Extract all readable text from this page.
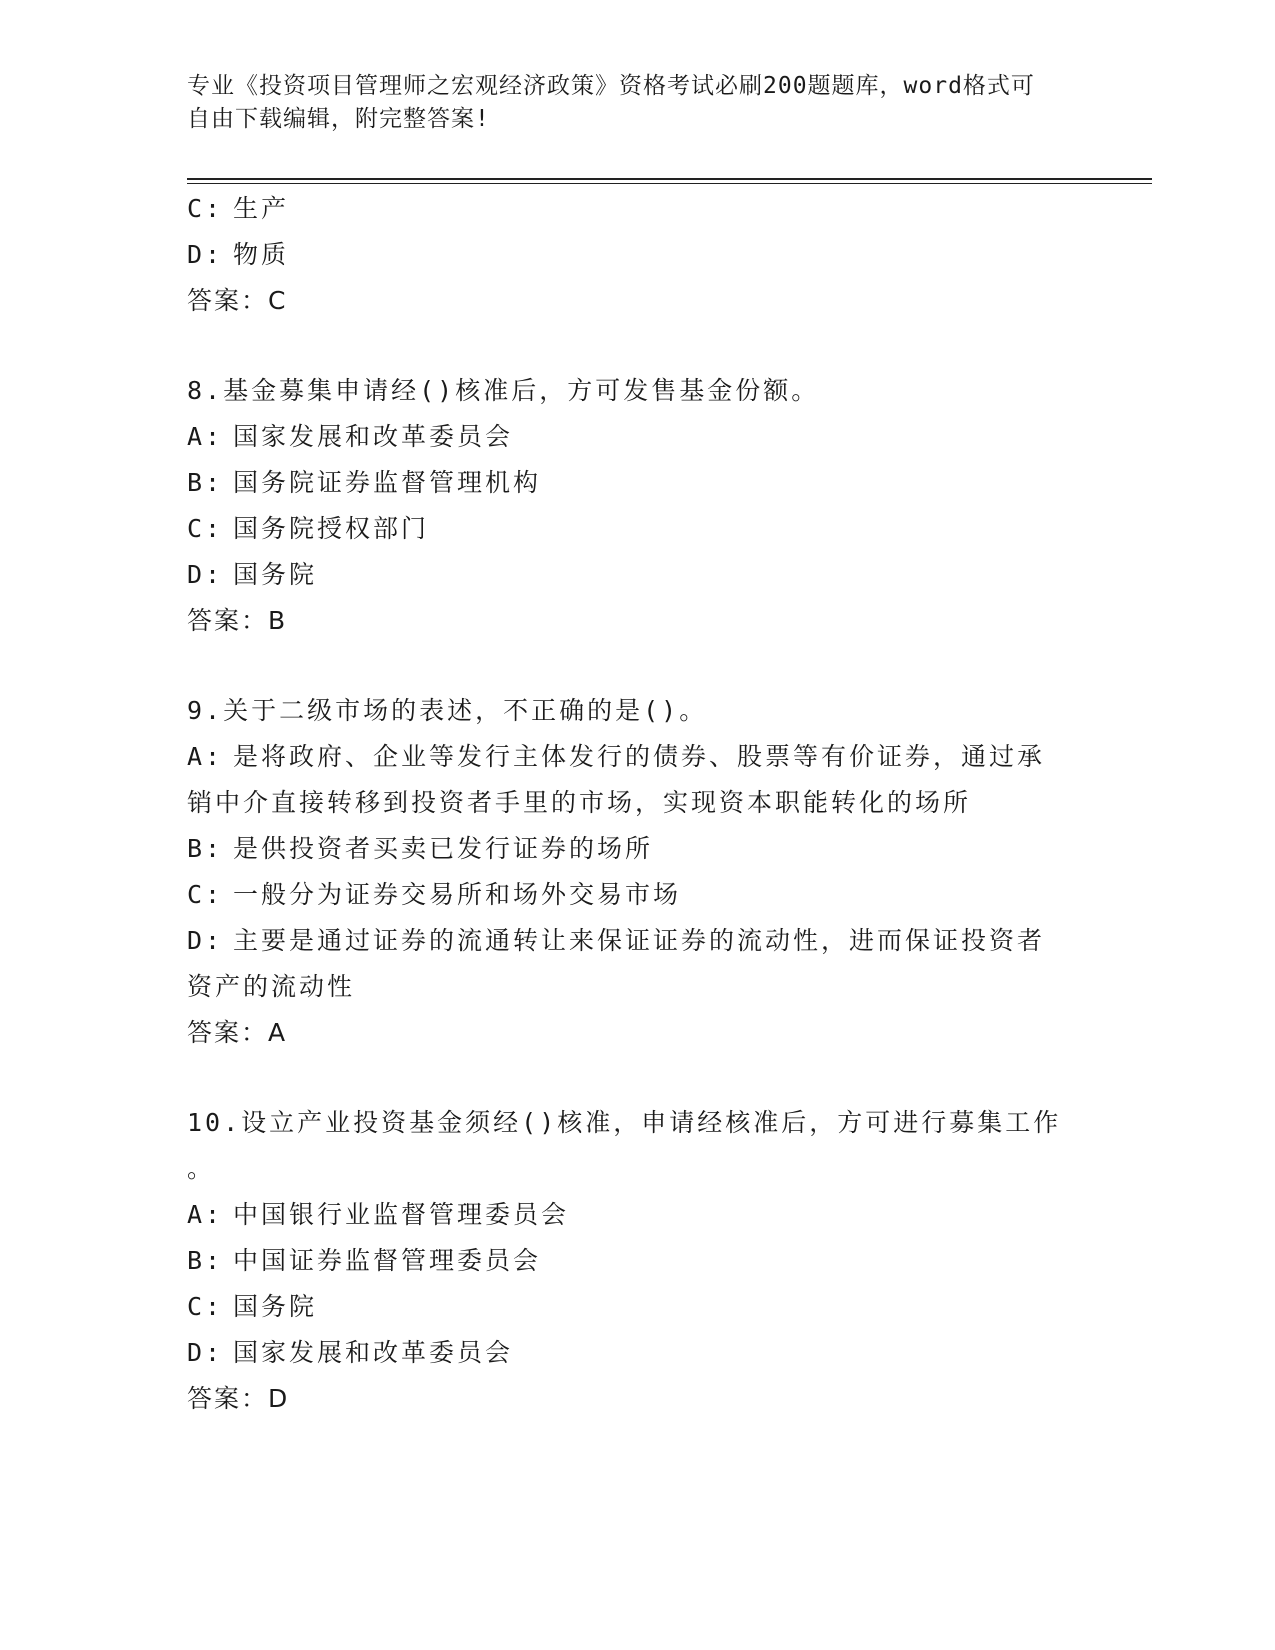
专业《投资项目管理师之宏观经济政策》资格考试必刷200题题库，word格式可
自由下载编辑，附完整答案!
C: 生产
D: 物质
答案：C
8.基金募集申请经()核准后，方可发售基金份额。
A: 国家发展和改革委员会
B: 国务院证券监督管理机构
C: 国务院授权部门
D: 国务院
答案：B
9.关于二级市场的表述，不正确的是()。
A: 是将政府、企业等发行主体发行的债券、股票等有价证券，通过承
销中介直接转移到投资者手里的市场，实现资本职能转化的场所
B: 是供投资者买卖已发行证券的场所
C: 一般分为证券交易所和场外交易市场
D: 主要是通过证券的流通转让来保证证券的流动性，进而保证投资者
资产的流动性
答案：A
10.设立产业投资基金须经()核准，申请经核准后，方可进行募集工作
。
A: 中国银行业监督管理委员会
B: 中国证券监督管理委员会
C: 国务院
D: 国家发展和改革委员会
答案：D
